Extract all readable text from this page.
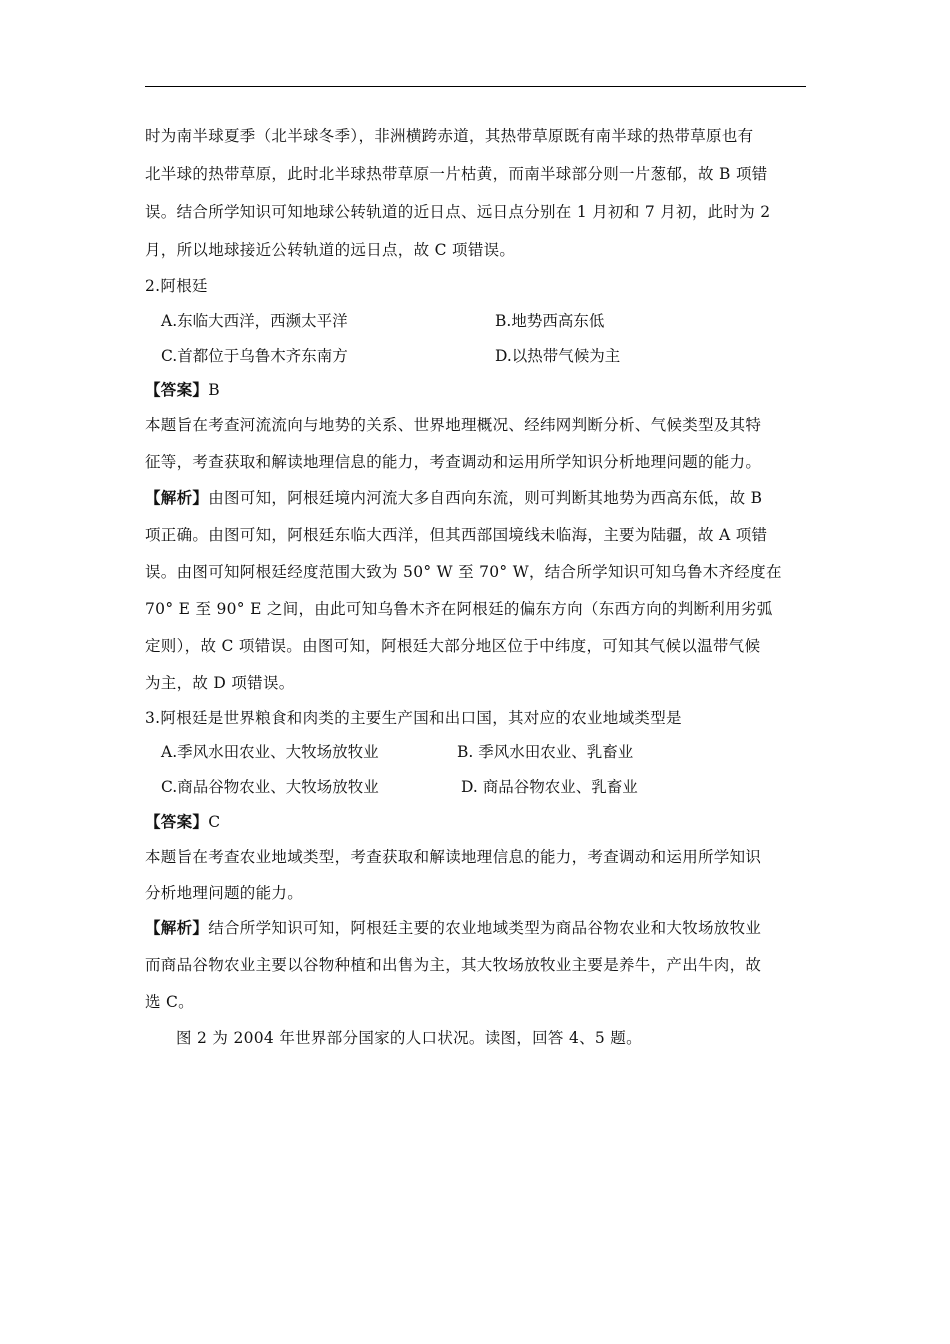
时为南半球夏季（北半球冬季），非洲横跨赤道，其热带草原既有南半球的热带草原也有
北半球的热带草原，此时北半球热带草原一片枯黄，而南半球部分则一片葱郁，故 B 项错
误。结合所学知识可知地球公转轨道的近日点、远日点分别在 1 月初和 7 月初，此时为 2
月，所以地球接近公转轨道的远日点，故 C 项错误。
2.阿根廷
A.东临大西洋，西濒太平洋	B.地势西高东低
C.首都位于乌鲁木齐东南方	D.以热带气候为主
【答案】B
本题旨在考查河流流向与地势的关系、世界地理概况、经纬网判断分析、气候类型及其特
征等，考查获取和解读地理信息的能力，考查调动和运用所学知识分析地理问题的能力。
【解析】由图可知，阿根廷境内河流大多自西向东流，则可判断其地势为西高东低，故 B
项正确。由图可知，阿根廷东临大西洋，但其西部国境线未临海，主要为陆疆，故 A 项错
误。由图可知阿根廷经度范围大致为 50° W 至 70° W，结合所学知识可知乌鲁木齐经度在
70° E 至 90° E 之间，由此可知乌鲁木齐在阿根廷的偏东方向（东西方向的判断利用劣弧
定则），故 C 项错误。由图可知，阿根廷大部分地区位于中纬度，可知其气候以温带气候
为主，故 D 项错误。
3.阿根廷是世界粮食和肉类的主要生产国和出口国，其对应的农业地域类型是
A.季风水田农业、大牧场放牧业	B. 季风水田农业、乳畜业
C.商品谷物农业、大牧场放牧业	D. 商品谷物农业、乳畜业
【答案】C
本题旨在考查农业地域类型，考查获取和解读地理信息的能力，考查调动和运用所学知识
分析地理问题的能力。
【解析】结合所学知识可知，阿根廷主要的农业地域类型为商品谷物农业和大牧场放牧业
而商品谷物农业主要以谷物种植和出售为主，其大牧场放牧业主要是养牛，产出牛肉，故
选 C。
图 2 为 2004 年世界部分国家的人口状况。读图，回答 4、5 题。
